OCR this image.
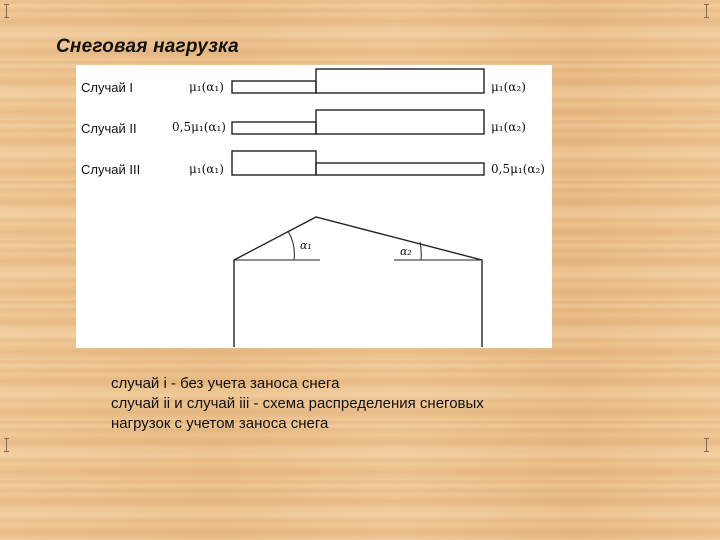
Снеговая нагрузка
Случай I
Случай II
Случай III
μ₁(α₁)
0,5μ₁(α₁)
μ₁(α₁)
μ₁(α₂)
μ₁(α₂)
0,5μ₁(α₂)
α₁	α₂
случай i - без учета заноса снега
случай ii и случай iii - схема распределения снеговых
нагрузок с учетом заноса снега
